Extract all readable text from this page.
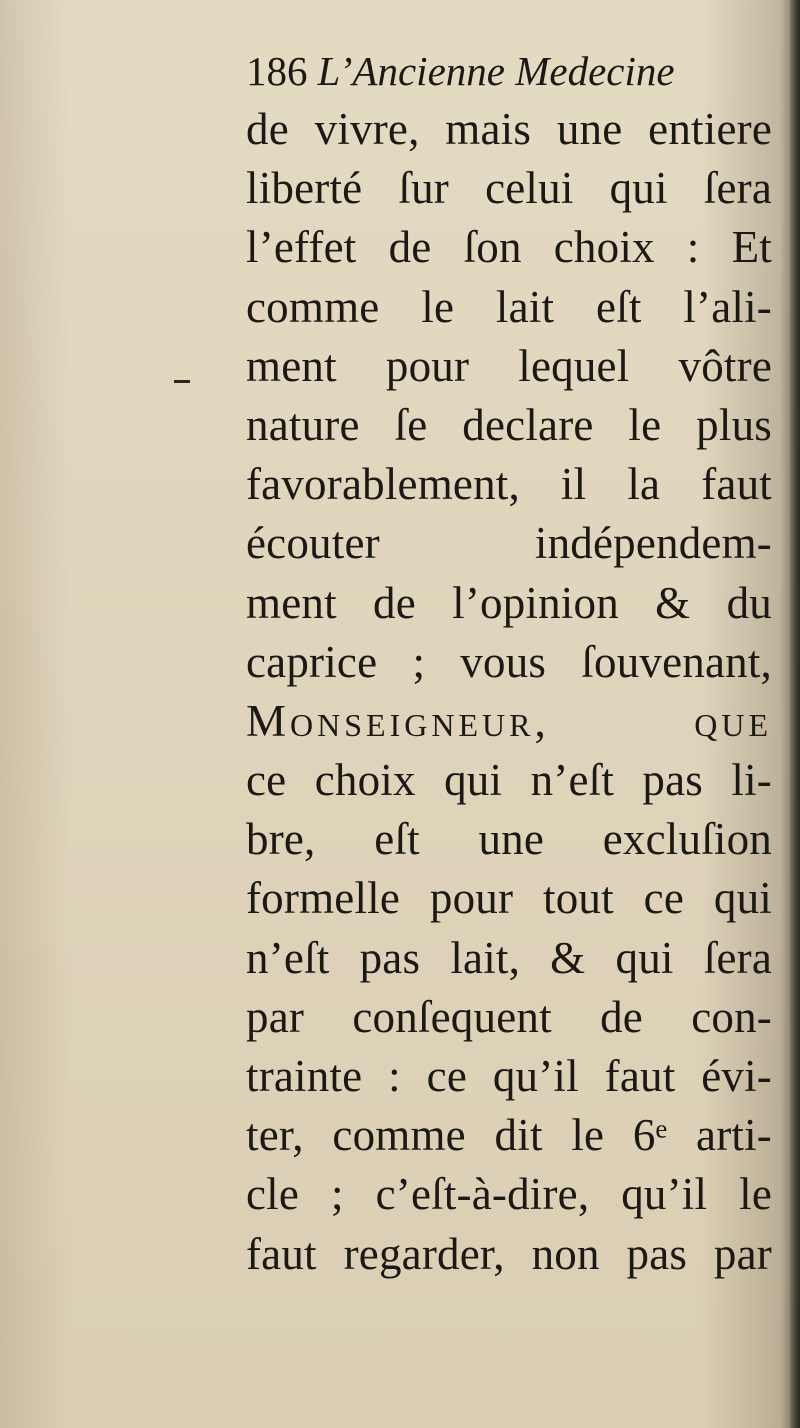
186 L’Ancienne Medecine
de vivre, mais une entiere
liberté ſur celui qui ſera
l’effet de ſon choix : Et
comme le lait eſt l’ali-
ment pour lequel vôtre
nature ſe declare le plus
favorablement, il la faut
écouter indépendem-
ment de l’opinion & du
caprice ; vous ſouvenant,
Monseigneur, que
ce choix qui n’eſt pas li-
bre, eſt une excluſion
formelle pour tout ce qui
n’eſt pas lait, & qui ſera
par conſequent de con-
trainte : ce qu’il faut évi-
ter, comme dit le 6ᵉ arti-
cle ; c’eſt-à-dire, qu’il le
faut regarder, non pas par
